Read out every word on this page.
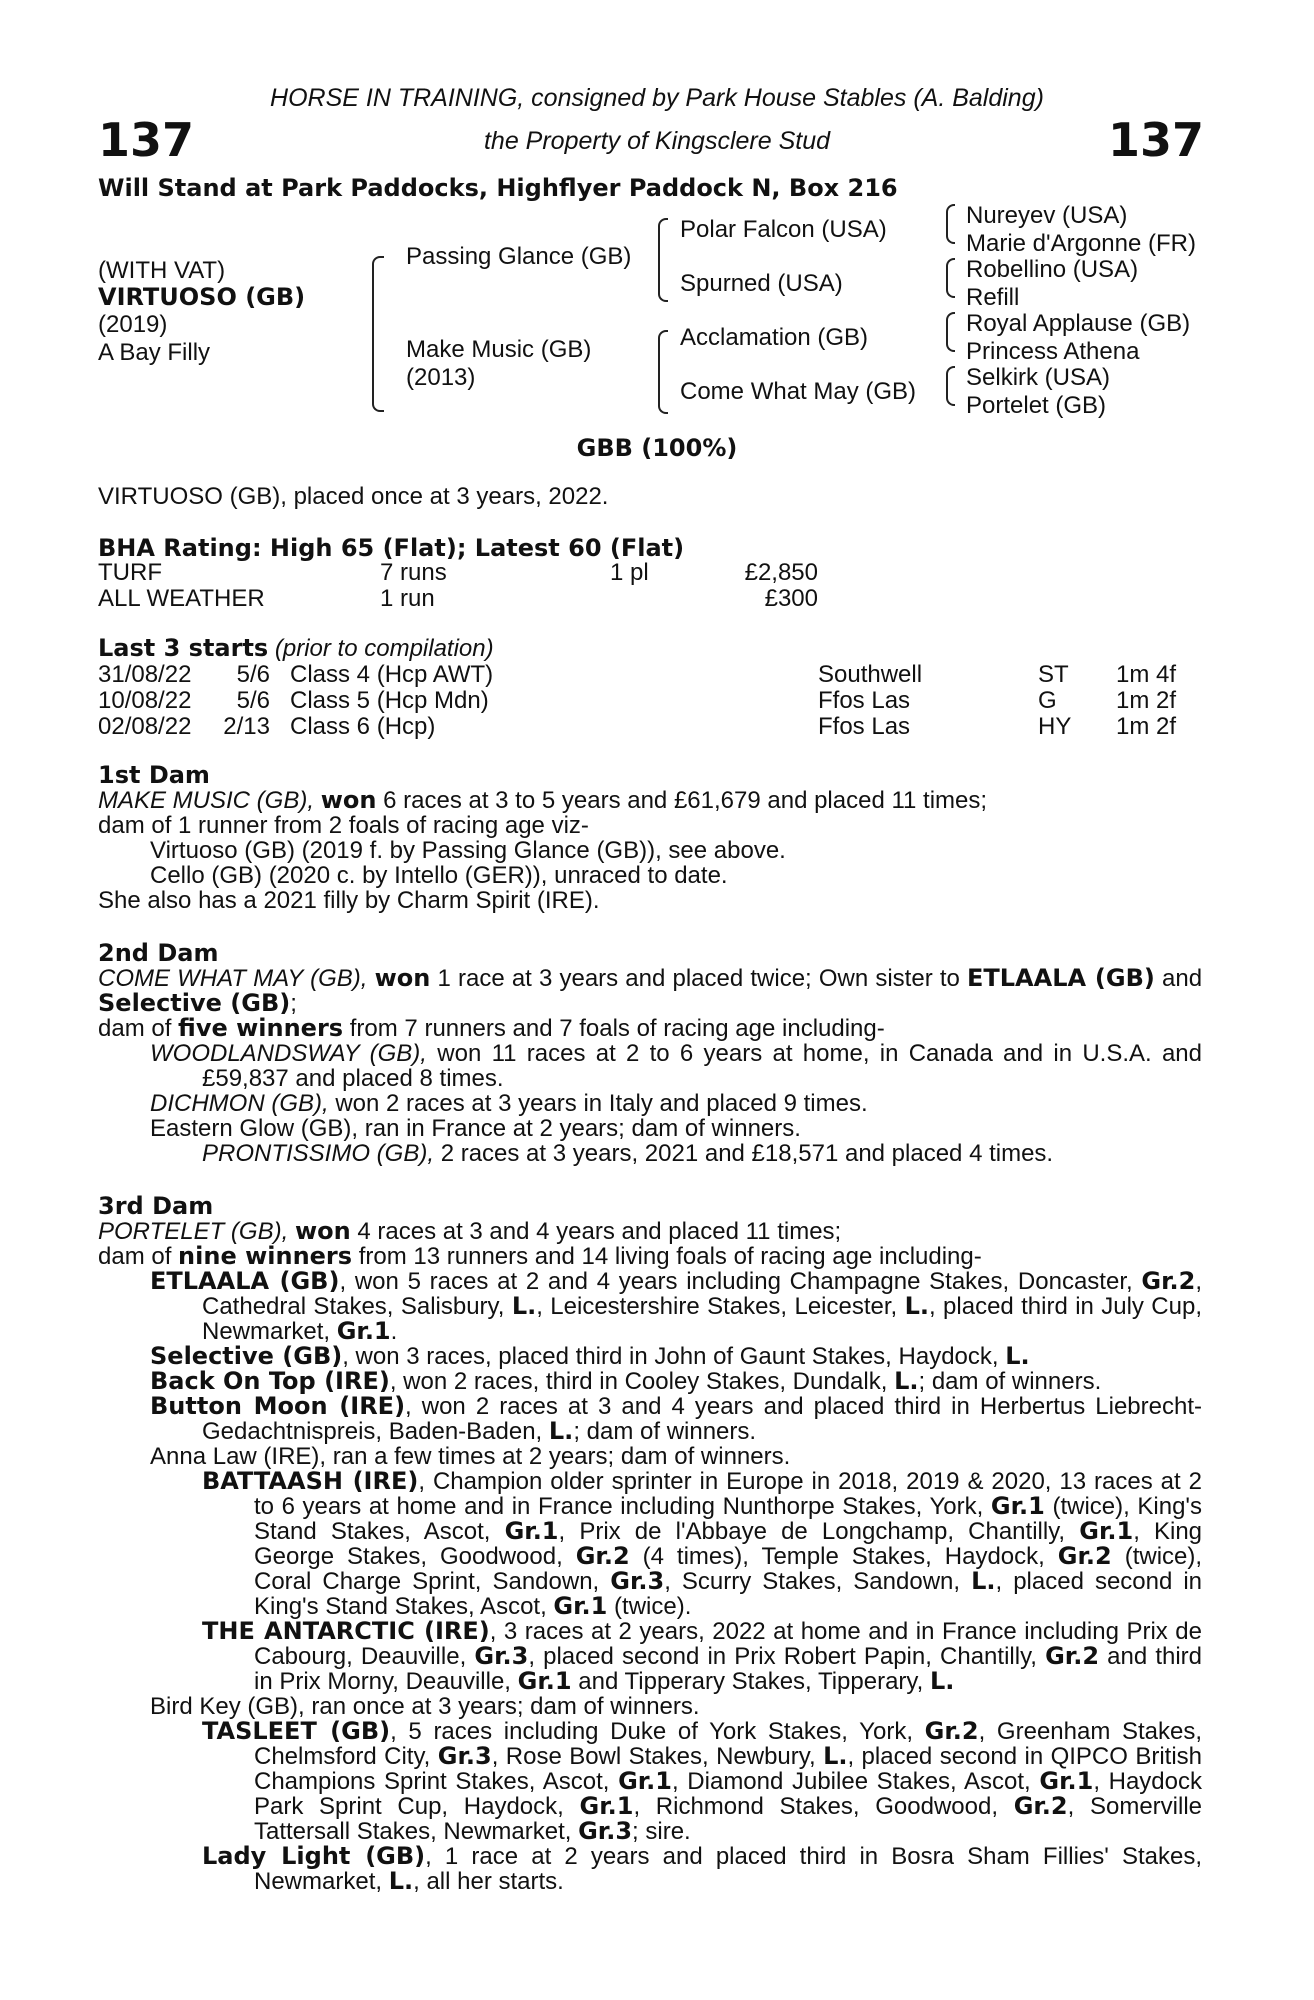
137	137
HORSE IN TRAINING, consigned by Park House Stables (A. Balding)
the Property of Kingsclere Stud
Will Stand at Park Paddocks, Highflyer Paddock N, Box 216
(WITH VAT)
VIRTUOSO (GB)
(2019)
A Bay Filly
Passing Glance (GB)
Make Music (GB)
(2013)
Polar Falcon (USA)
Spurned (USA)
Acclamation (GB)
Come What May (GB)
Nureyev (USA)
Marie d'Argonne (FR)
Robellino (USA)
Refill
Royal Applause (GB)
Princess Athena
Selkirk (USA)
Portelet (GB)
GBB (100%)
VIRTUOSO (GB), placed once at 3 years, 2022.
BHA Rating: High 65 (Flat); Latest 60 (Flat)
TURF	7 runs	1 pl	£2,850
ALL WEATHER	1 run	£300
Last 3 starts (prior to compilation)
31/08/22	5/6 Class 4 (Hcp AWT)	Southwell	ST 1m 4f
10/08/22	5/6 Class 5 (Hcp Mdn)	Ffos Las	G 1m 2f
02/08/22	2/13 Class 6 (Hcp)	Ffos Las	HY 1m 2f
1st Dam
MAKE MUSIC (GB), won 6 races at 3 to 5 years and £61,679 and placed 11 times;
dam of 1 runner from 2 foals of racing age viz-
Virtuoso (GB) (2019 f. by Passing Glance (GB)), see above.
Cello (GB) (2020 c. by Intello (GER)), unraced to date.
She also has a 2021 filly by Charm Spirit (IRE).
2nd Dam
COME WHAT MAY (GB), won 1 race at 3 years and placed twice; Own sister to ETLAALA (GB) and Selective (GB);
dam of five winners from 7 runners and 7 foals of racing age including-
WOODLANDSWAY (GB), won 11 races at 2 to 6 years at home, in Canada and in U.S.A. and £59,837 and placed 8 times.
DICHMON (GB), won 2 races at 3 years in Italy and placed 9 times.
Eastern Glow (GB), ran in France at 2 years; dam of winners.
PRONTISSIMO (GB), 2 races at 3 years, 2021 and £18,571 and placed 4 times.
3rd Dam
PORTELET (GB), won 4 races at 3 and 4 years and placed 11 times;
dam of nine winners from 13 runners and 14 living foals of racing age including-
ETLAALA (GB), won 5 races at 2 and 4 years including Champagne Stakes, Doncaster, Gr.2, Cathedral Stakes, Salisbury, L., Leicestershire Stakes, Leicester, L., placed third in July Cup, Newmarket, Gr.1.
Selective (GB), won 3 races, placed third in John of Gaunt Stakes, Haydock, L.
Back On Top (IRE), won 2 races, third in Cooley Stakes, Dundalk, L.; dam of winners.
Button Moon (IRE), won 2 races at 3 and 4 years and placed third in Herbertus Liebrecht-Gedachtnispreis, Baden-Baden, L.; dam of winners.
Anna Law (IRE), ran a few times at 2 years; dam of winners.
BATTAASH (IRE), Champion older sprinter in Europe in 2018, 2019 & 2020, 13 races at 2 to 6 years at home and in France including Nunthorpe Stakes, York, Gr.1 (twice), King's Stand Stakes, Ascot, Gr.1, Prix de l'Abbaye de Longchamp, Chantilly, Gr.1, King George Stakes, Goodwood, Gr.2 (4 times), Temple Stakes, Haydock, Gr.2 (twice), Coral Charge Sprint, Sandown, Gr.3, Scurry Stakes, Sandown, L., placed second in King's Stand Stakes, Ascot, Gr.1 (twice).
THE ANTARCTIC (IRE), 3 races at 2 years, 2022 at home and in France including Prix de Cabourg, Deauville, Gr.3, placed second in Prix Robert Papin, Chantilly, Gr.2 and third in Prix Morny, Deauville, Gr.1 and Tipperary Stakes, Tipperary, L.
Bird Key (GB), ran once at 3 years; dam of winners.
TASLEET (GB), 5 races including Duke of York Stakes, York, Gr.2, Greenham Stakes, Chelmsford City, Gr.3, Rose Bowl Stakes, Newbury, L., placed second in QIPCO British Champions Sprint Stakes, Ascot, Gr.1, Diamond Jubilee Stakes, Ascot, Gr.1, Haydock Park Sprint Cup, Haydock, Gr.1, Richmond Stakes, Goodwood, Gr.2, Somerville Tattersall Stakes, Newmarket, Gr.3; sire.
Lady Light (GB), 1 race at 2 years and placed third in Bosra Sham Fillies' Stakes, Newmarket, L., all her starts.
